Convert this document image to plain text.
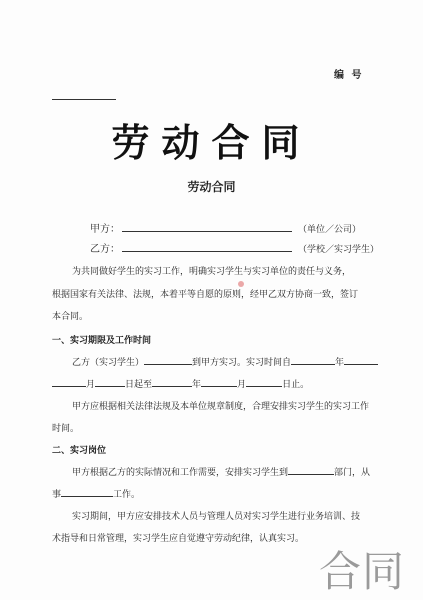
编 号
劳动合同
劳动合同
甲方：	（单位／公司）
乙方：	（学校／实习学生）
为共同做好学生的实习工作，明确实习学生与实习单位的责任与义务，
根据国家有关法律、法规，本着平等自愿的原则，经甲乙双方协商一致，签订
本合同。
一、实习期限及工作时间
乙方（实习学生）	到甲方实习。实习时间自	年
月	日起至	年	月	日止。
甲方应根据相关法律法规及本单位规章制度，合理安排实习学生的实习工作
时间。
二、实习岗位
甲方根据乙方的实际情况和工作需要，安排实习学生到	部门，从
事	工作。
实习期间，甲方应安排技术人员与管理人员对实习学生进行业务培训、技
术指导和日常管理，实习学生应自觉遵守劳动纪律，认真实习。
合同
